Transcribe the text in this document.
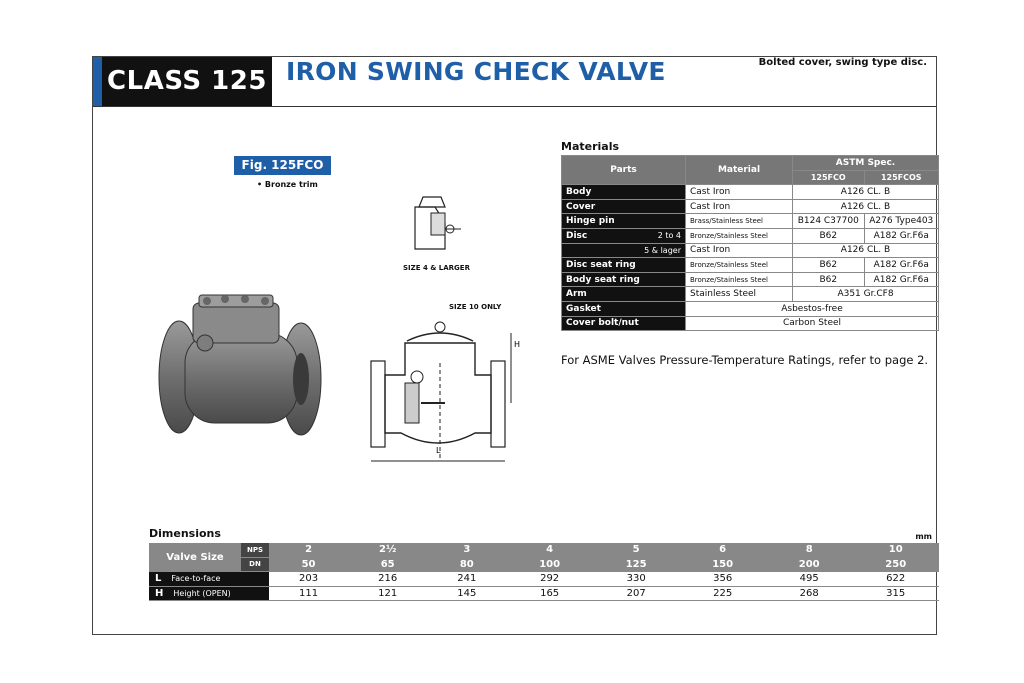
CLASS 125 IRON SWING CHECK VALVE	Bolted cover, swing type disc.
Fig. 125FCO
• Bronze trim
SIZE 4 & LARGER
SIZE 10 ONLY
H
L
Materials
Parts	Material	ASTM Spec.	
		125FCO	125FCOS
Body	Cast Iron	A126 CL. B	
Cover	Cast Iron	A126 CL. B	
Hinge pin	Brass/Stainless Steel	B124 C37700	A276 Type403
Disc 2 to 4	Bronze/Stainless Steel	B62	A182 Gr.F6a

5 & lager	Cast Iron	A126 CL. B	
Disc seat ring	Bronze/Stainless Steel	B62	A182 Gr.F6a
Body seat ring	Bronze/Stainless Steel	B62	A182 Gr.F6a
Arm	Stainless Steel	A351 Gr.CF8	
Gasket	Asbestos-free		
Cover bolt/nut	Carbon Steel		
For ASME Valves Pressure-Temperature Ratings, refer to page 2.
Dimensions	mm
Valve Size	NPS	2	2½	3	4	5	6	8	10
	DN	50	65	80	100	125	150	200	250
L Face-to-face		203	216	241	292	330	356	495	622
H Height (OPEN)		111	121	145	165	207	225	268	315
